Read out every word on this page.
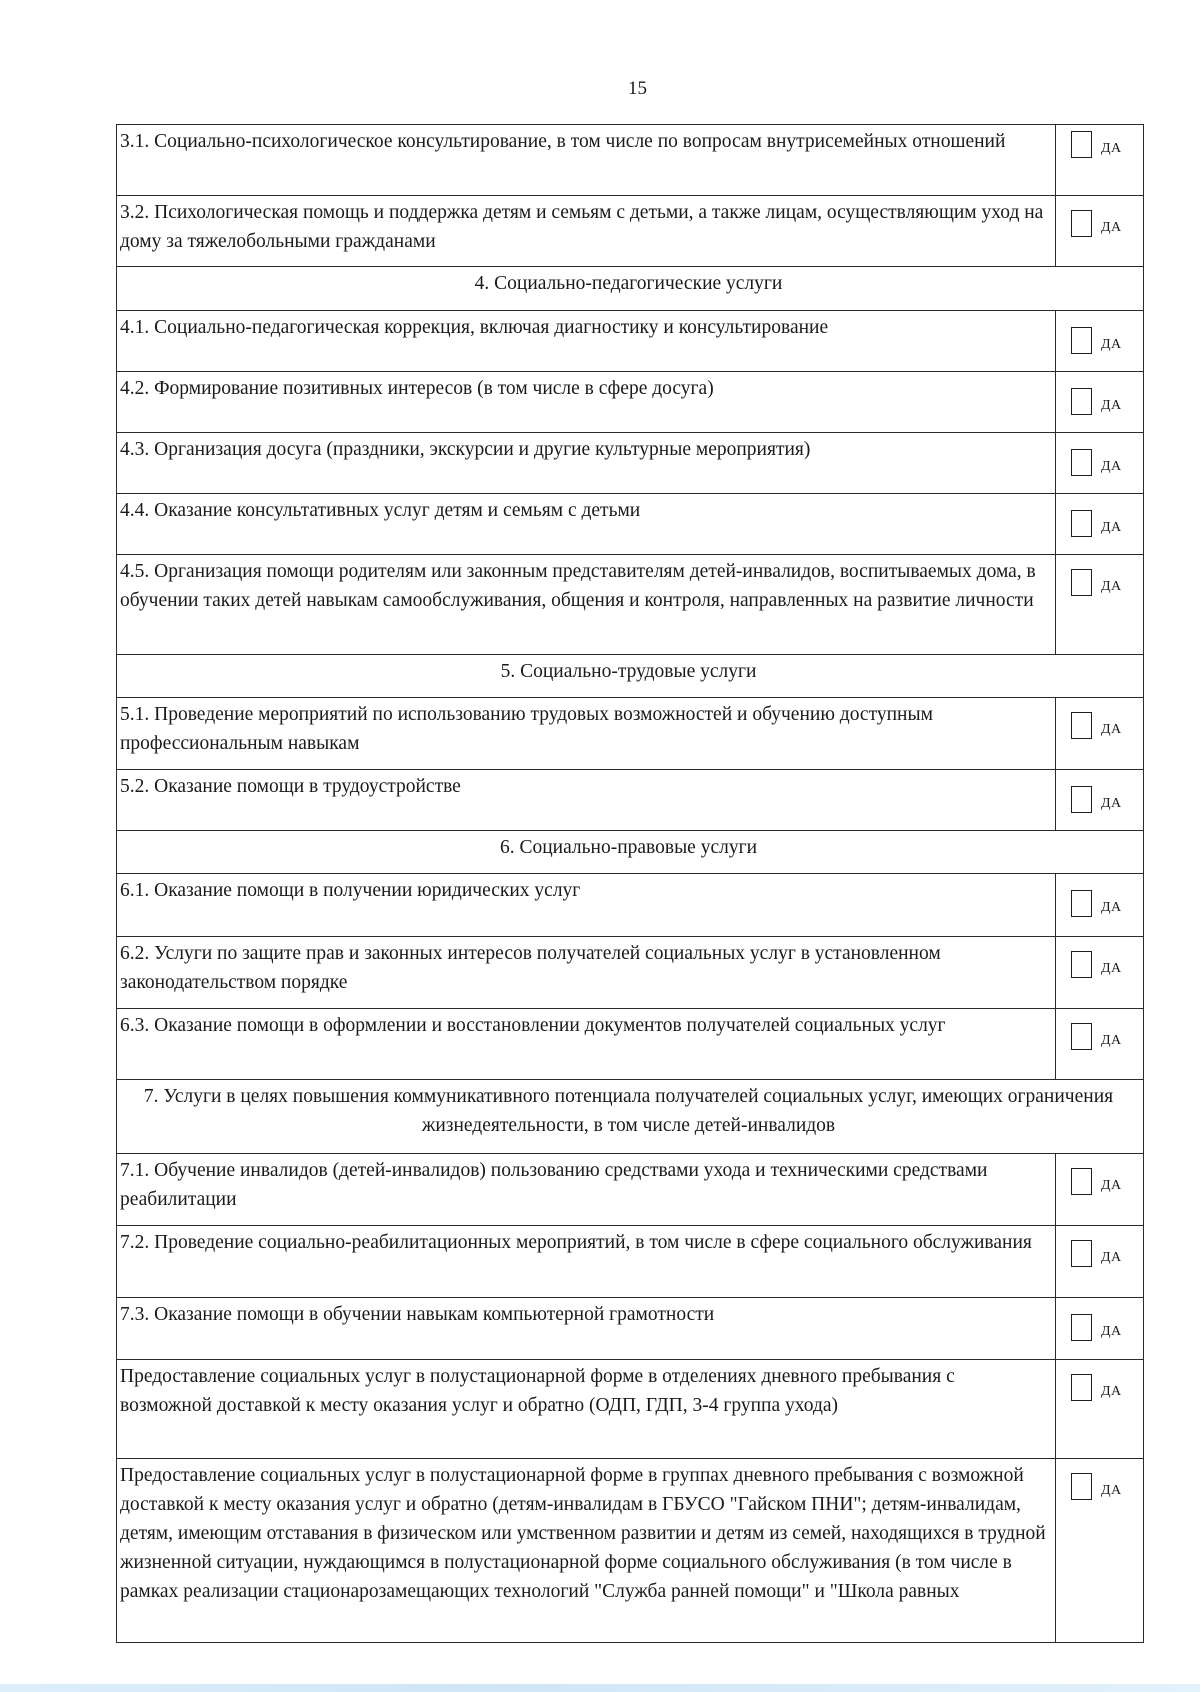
15
3.1. Социально-психологическое консультирование, в том числе по вопросам внутрисемейных отношений	ДА

3.2. Психологическая помощь и поддержка детям и семьям с детьми, а также лицам, осуществляющим уход на дому за тяжелобольными гражданами	ДА

4. Социально-педагогические услуги	
4.1. Социально-педагогическая коррекция, включая диагностику и консультирование	ДА

4.2. Формирование позитивных интересов (в том числе в сфере досуга)	ДА

4.3. Организация досуга (праздники, экскурсии и другие культурные мероприятия)	ДА

4.4. Оказание консультативных услуг детям и семьям с детьми	ДА

4.5. Организация помощи родителям или законным представителям детей-инвалидов, воспитываемых дома, в обучении таких детей навыкам самообслуживания, общения и контроля, направленных на развитие личности	ДА

5. Социально-трудовые услуги	
5.1. Проведение мероприятий по использованию трудовых возможностей и обучению доступным профессиональным навыкам	ДА

5.2. Оказание помощи в трудоустройстве	ДА

6. Социально-правовые услуги	
6.1. Оказание помощи в получении юридических услуг	ДА

6.2. Услуги по защите прав и законных интересов получателей социальных услуг в установленном законодательством порядке	ДА

6.3. Оказание помощи в оформлении и восстановлении документов получателей социальных услуг	ДА

7. Услуги в целях повышения коммуникативного потенциала получателей социальных услуг, имеющих ограничения жизнедеятельности, в том числе детей-инвалидов	
7.1. Обучение инвалидов (детей-инвалидов) пользованию средствами ухода и техническими средствами реабилитации	ДА

7.2. Проведение социально-реабилитационных мероприятий, в том числе в сфере социального обслуживания	ДА

7.3. Оказание помощи в обучении навыкам компьютерной грамотности	ДА

Предоставление социальных услуг в полустационарной форме в отделениях дневного пребывания с возможной доставкой к месту оказания услуг и обратно (ОДП, ГДП, 3-4 группа ухода)	ДА

Предоставление социальных услуг в полустационарной форме в группах дневного пребывания с возможной доставкой к месту оказания услуг и обратно (детям-инвалидам в ГБУСО "Гайском ПНИ"; детям-инвалидам, детям, имеющим отставания в физическом или умственном развитии и детям из семей, находящихся в трудной жизненной ситуации, нуждающимся в полустационарной форме социального обслуживания (в том числе в рамках реализации стационарозамещающих технологий "Служба ранней помощи" и "Школа равных	ДА
